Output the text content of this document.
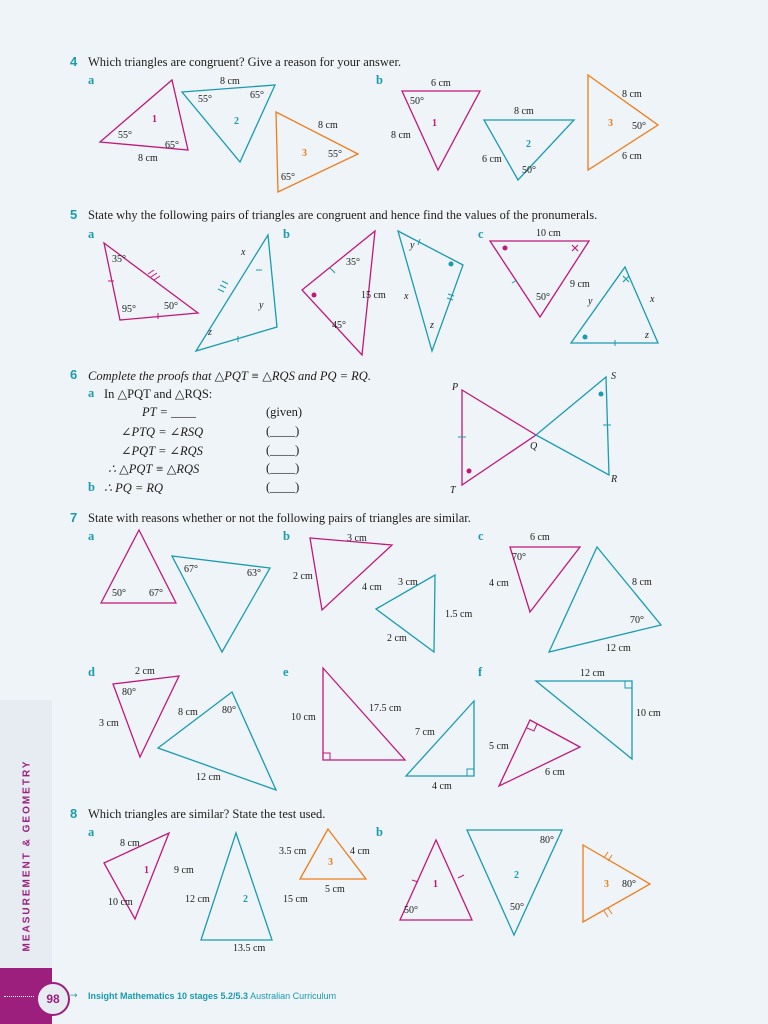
4 Which triangles are congruent? Give a reason for your answer.
a	b
5 State why the following pairs of triangles are congruent and hence find the values of the pronumerals.
a	b	c
6 Complete the proofs that △PQT ≡ △RQS and PQ = RQ.
a In △PQT and △RQS:
PT = ____	(given)
∠PTQ = ∠RSQ	(____)
∠PQT = ∠RQS	(____)
∴ △PQT ≡ △RQS	(____)
b ∴ PQ = RQ	(____)
7 State with reasons whether or not the following pairs of triangles are similar.
a	b	c
d	e	f
8 Which triangles are similar? State the test used.
a	b
8 cm
55°
1
65°
8 cm
55°	65°
2	8 cm
3 55°
65°
6 cm
50°
1
8 cm
8 cm
2
6 cm
50°
8 cm
3 50°
6 cm
35°
95°	50°
x
y
z
35°
15 cm
45°
y
x
z
10 cm
9 cm
50°	y	x
z
P
S
Q
T
R
50° 67°
67°	63°
3 cm
2 cm
4 cm 3 cm
1.5 cm
2 cm
6 cm
70°
4 cm	8 cm
70°
12 cm
2 cm
80°
3 cm
8 cm 80°
12 cm
10 cm
17.5 cm
7 cm
4 cm
12 cm
10 cm
5 cm
6 cm
8 cm
1	9 cm
10 cm
3.5 cm
3
4 cm
5 cm
12 cm	2	15 cm
13.5 cm
1
50°
80°
2
50°
3 80°
MEASUREMENT & GEOMETRY
98	→ Insight Mathematics 10 stages 5.2/5.3 Australian Curriculum
